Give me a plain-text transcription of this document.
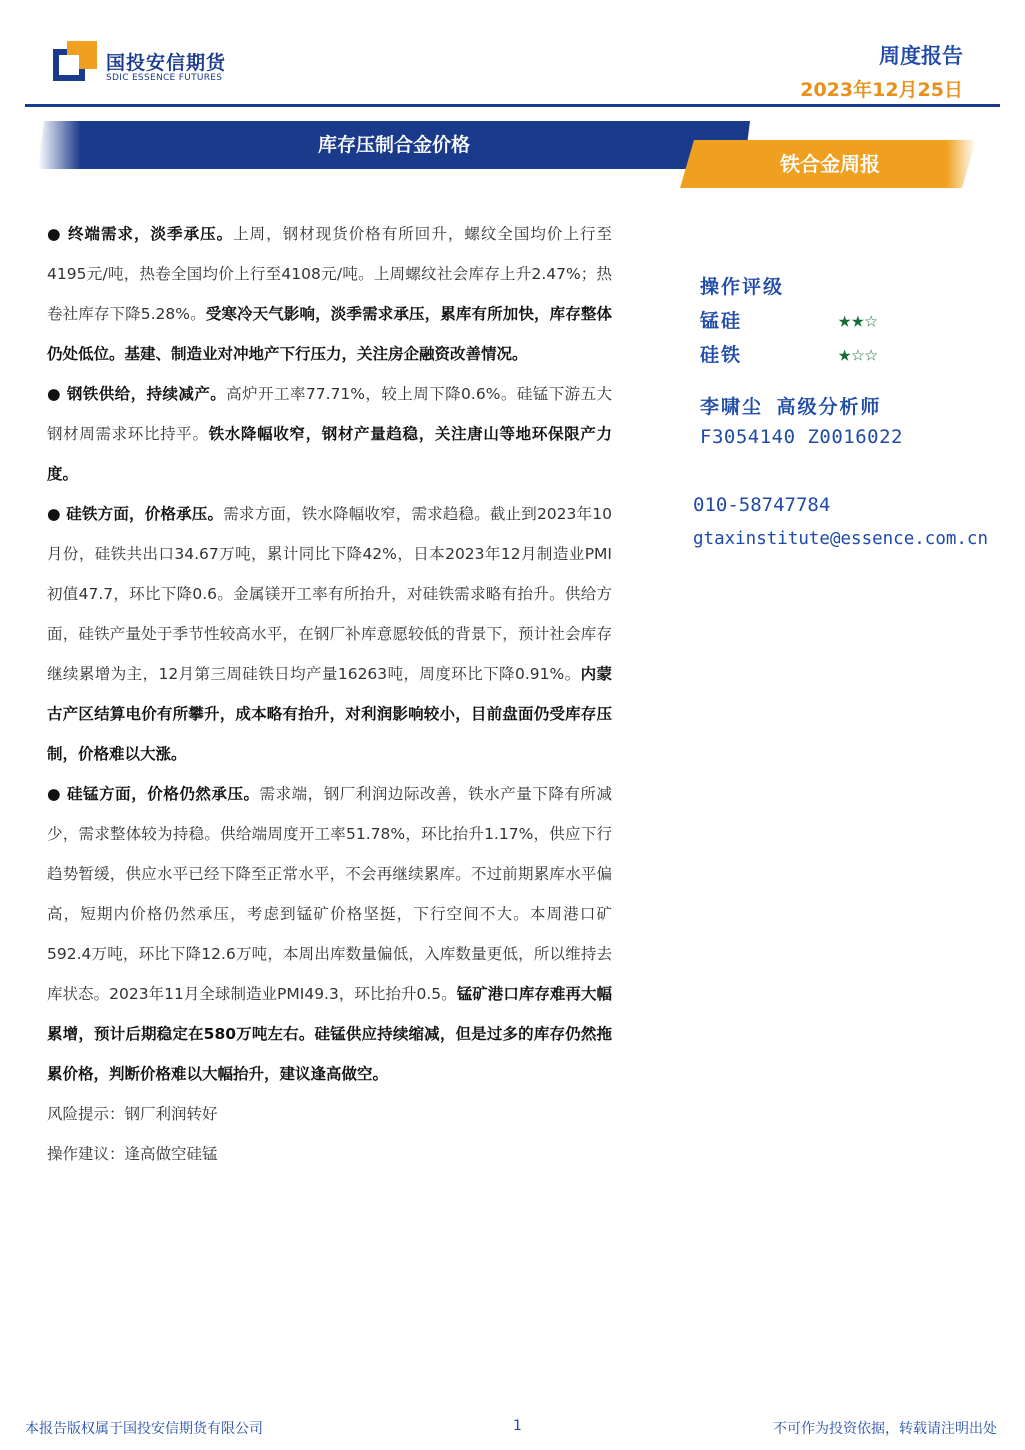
国投安信期货
SDIC ESSENCE FUTURES
周度报告
2023年12月25日
库存压制合金价格
铁合金周报

● 终端需求，淡季承压。上周，钢材现货价格有所回升，螺纹全国均价上行至4195元/吨，热卷全国均价上行至4108元/吨。上周螺纹社会库存上升2.47%；热卷社库存下降5.28%。受寒冷天气影响，淡季需求承压，累库有所加快，库存整体仍处低位。基建、制造业对冲地产下行压力，关注房企融资改善情况。

● 钢铁供给，持续减产。高炉开工率77.71%，较上周下降0.6%。硅锰下游五大钢材周需求环比持平。铁水降幅收窄，钢材产量趋稳，关注唐山等地环保限产力度。

● 硅铁方面，价格承压。需求方面，铁水降幅收窄，需求趋稳。截止到2023年10月份，硅铁共出口34.67万吨，累计同比下降42%，日本2023年12月制造业PMI初值47.7，环比下降0.6。金属镁开工率有所抬升，对硅铁需求略有抬升。供给方面，硅铁产量处于季节性较高水平，在钢厂补库意愿较低的背景下，预计社会库存继续累增为主，12月第三周硅铁日均产量16263吨，周度环比下降0.91%。内蒙古产区结算电价有所攀升，成本略有抬升，对利润影响较小，目前盘面仍受库存压制，价格难以大涨。

● 硅锰方面，价格仍然承压。需求端，钢厂利润边际改善，铁水产量下降有所减少，需求整体较为持稳。供给端周度开工率51.78%，环比抬升1.17%，供应下行趋势暂缓，供应水平已经下降至正常水平，不会再继续累库。不过前期累库水平偏高，短期内价格仍然承压，考虑到锰矿价格坚挺，下行空间不大。本周港口矿592.4万吨，环比下降12.6万吨，本周出库数量偏低，入库数量更低，所以维持去库状态。2023年11月全球制造业PMI49.3，环比抬升0.5。锰矿港口库存难再大幅累增，预计后期稳定在580万吨左右。硅锰供应持续缩减，但是过多的库存仍然拖累价格，判断价格难以大幅抬升，建议逢高做空。

风险提示：钢厂利润转好

操作建议：逢高做空硅锰

操作评级
锰硅	★★☆
硅铁	★☆☆
李啸尘 高级分析师
F3054140 Z0016022
010-58747784
gtaxinstitute@essence.com.cn
本报告版权属于国投安信期货有限公司	1	不可作为投资依据，转载请注明出处
